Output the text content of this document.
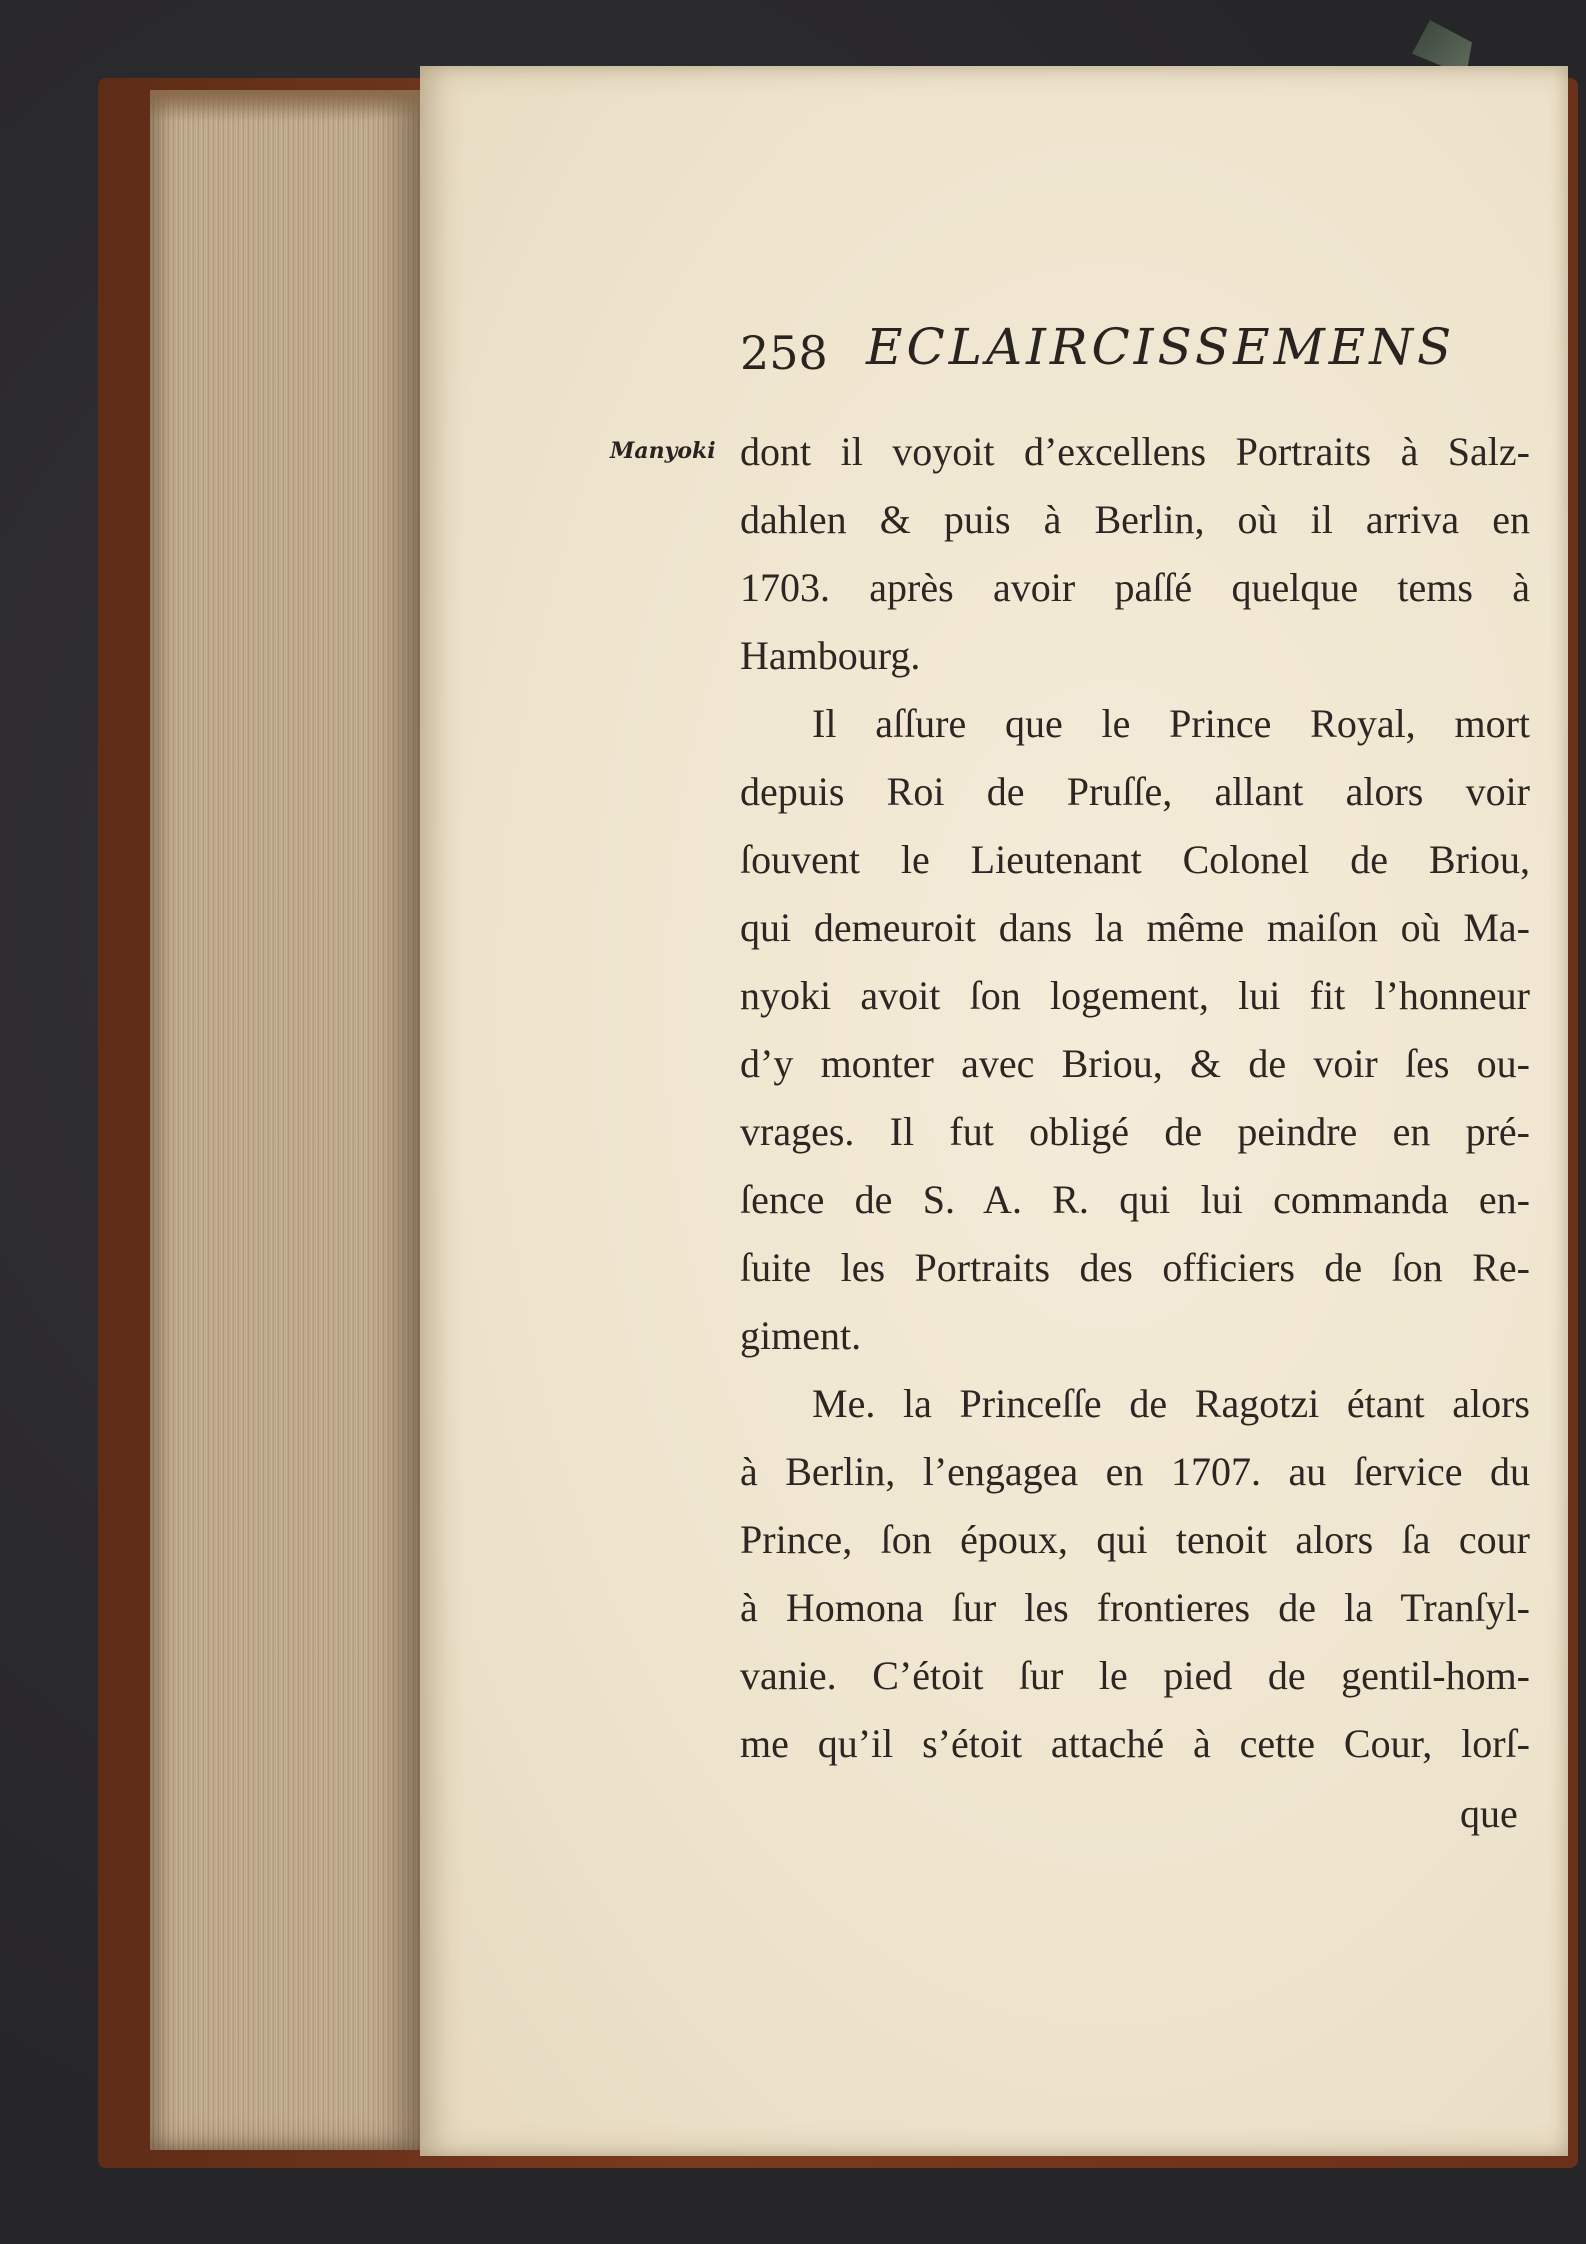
258 ECLAIRCISSEMENS
Manyoki dont il voyoit d’excellens Portraits à Salz-
dahlen & puis à Berlin, où il arriva en
1703. après avoir paſſé quelque tems à
Hambourg.
Il aſſure que le Prince Royal, mort
depuis Roi de Pruſſe, allant alors voir
ſouvent le Lieutenant Colonel de Briou,
qui demeuroit dans la même maiſon où Ma-
nyoki avoit ſon logement, lui fit l’honneur
d’y monter avec Briou, & de voir ſes ou-
vrages. Il fut obligé de peindre en pré-
ſence de S. A. R. qui lui commanda en-
ſuite les Portraits des officiers de ſon Re-
giment.
Me. la Princeſſe de Ragotzi étant alors
à Berlin, l’engagea en 1707. au ſervice du
Prince, ſon époux, qui tenoit alors ſa cour
à Homona ſur les frontieres de la Tranſyl-
vanie. C’étoit ſur le pied de gentil-hom-
me qu’il s’étoit attaché à cette Cour, lorſ-
que
